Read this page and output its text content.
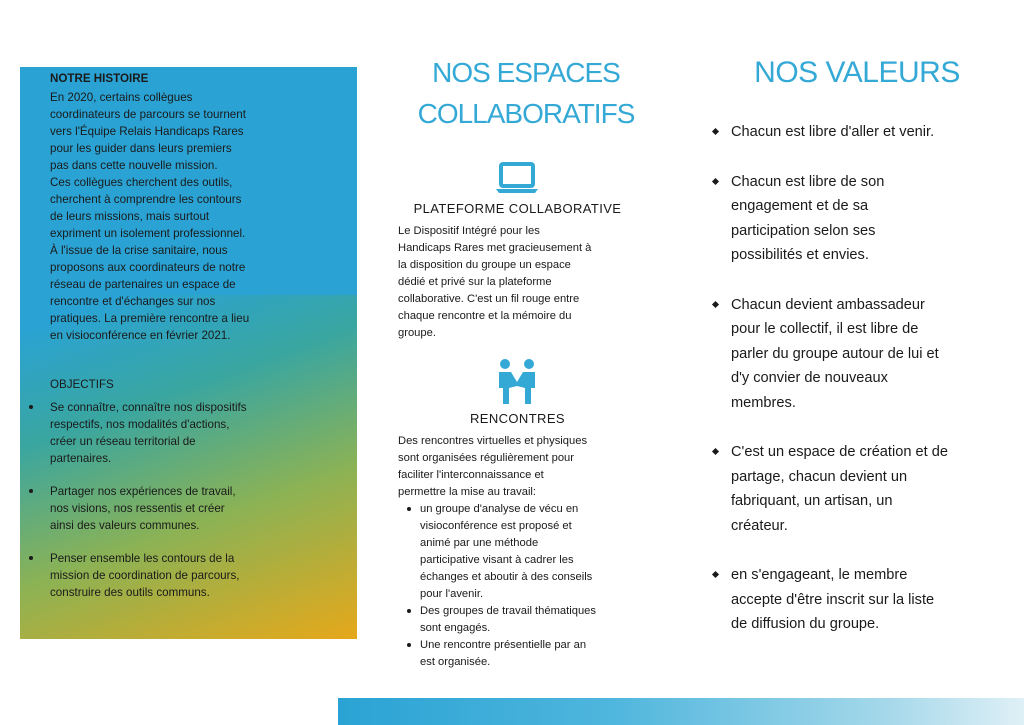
NOTRE HISTOIRE
En 2020, certains collègues
coordinateurs de parcours se tournent
vers l'Équipe Relais Handicaps Rares
pour les guider dans leurs premiers
pas dans cette nouvelle mission.
Ces collègues cherchent des outils,
cherchent à comprendre les contours
de leurs missions, mais surtout
expriment un isolement professionnel.
À l'issue de la crise sanitaire, nous
proposons aux coordinateurs de notre
réseau de partenaires un espace de
rencontre et d'échanges sur nos
pratiques. La première rencontre a lieu
en visioconférence en février 2021.
OBJECTIFS
Se connaître, connaître nos dispositifs
respectifs, nos modalités d'actions,
créer un réseau territorial de
partenaires.
Partager nos expériences de travail,
nos visions, nos ressentis et créer
ainsi des valeurs communes.
Penser ensemble les contours de la
mission de coordination de parcours,
construire des outils communs.
NOS ESPACES
COLLABORATIFS
PLATEFORME COLLABORATIVE
Le Dispositif Intégré pour les
Handicaps Rares met gracieusement à
la disposition du groupe un espace
dédié et privé sur la plateforme
collaborative. C'est un fil rouge entre
chaque rencontre et la mémoire du
groupe.
RENCONTRES
Des rencontres virtuelles et physiques
sont organisées régulièrement pour
faciliter l'interconnaissance et
permettre la mise au travail:
un groupe d'analyse de vécu en
visioconférence est proposé et
animé par une méthode
participative visant à cadrer les
échanges et aboutir à des conseils
pour l'avenir.
Des groupes de travail thématiques
sont engagés.
Une rencontre présentielle par an
est organisée.
NOS VALEURS
Chacun est libre d'aller et venir.
Chacun est libre de son
engagement et de sa
participation selon ses
possibilités et envies.
Chacun devient ambassadeur
pour le collectif, il est libre de
parler du groupe autour de lui et
d'y convier de nouveaux
membres.
C'est un espace de création et de
partage, chacun devient un
fabriquant, un artisan, un
créateur.
en s'engageant, le membre
accepte d'être inscrit sur la liste
de diffusion du groupe.
